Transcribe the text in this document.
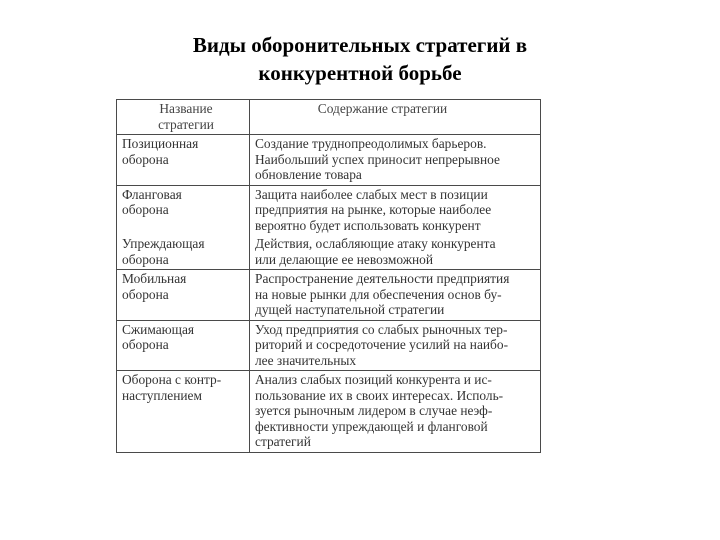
Виды оборонительных стратегий в
конкурентной борьбе
Название
стратегии	Содержание стратегии

Позиционная
оборона	Создание труднопреодолимых барьеров.
Наибольший успех приносит непрерывное
обновление товара

Фланговая
оборона	Защита наиболее слабых мест в позиции
предприятия на рынке, которые наиболее
вероятно будет использовать конкурент

Упреждающая
оборона	Действия, ослабляющие атаку конкурента
или делающие ее невозможной

Мобильная
оборона	Распространение деятельности предприятия
на новые рынки для обеспечения основ бу-
дущей наступательной стратегии

Сжимающая
оборона	Уход предприятия со слабых рыночных тер-
риторий и сосредоточение усилий на наибо-
лее значительных

Оборона с контр-
наступлением	Анализ слабых позиций конкурента и ис-
пользование их в своих интересах. Исполь-
зуется рыночным лидером в случае неэф-
фективности упреждающей и фланговой
стратегий
